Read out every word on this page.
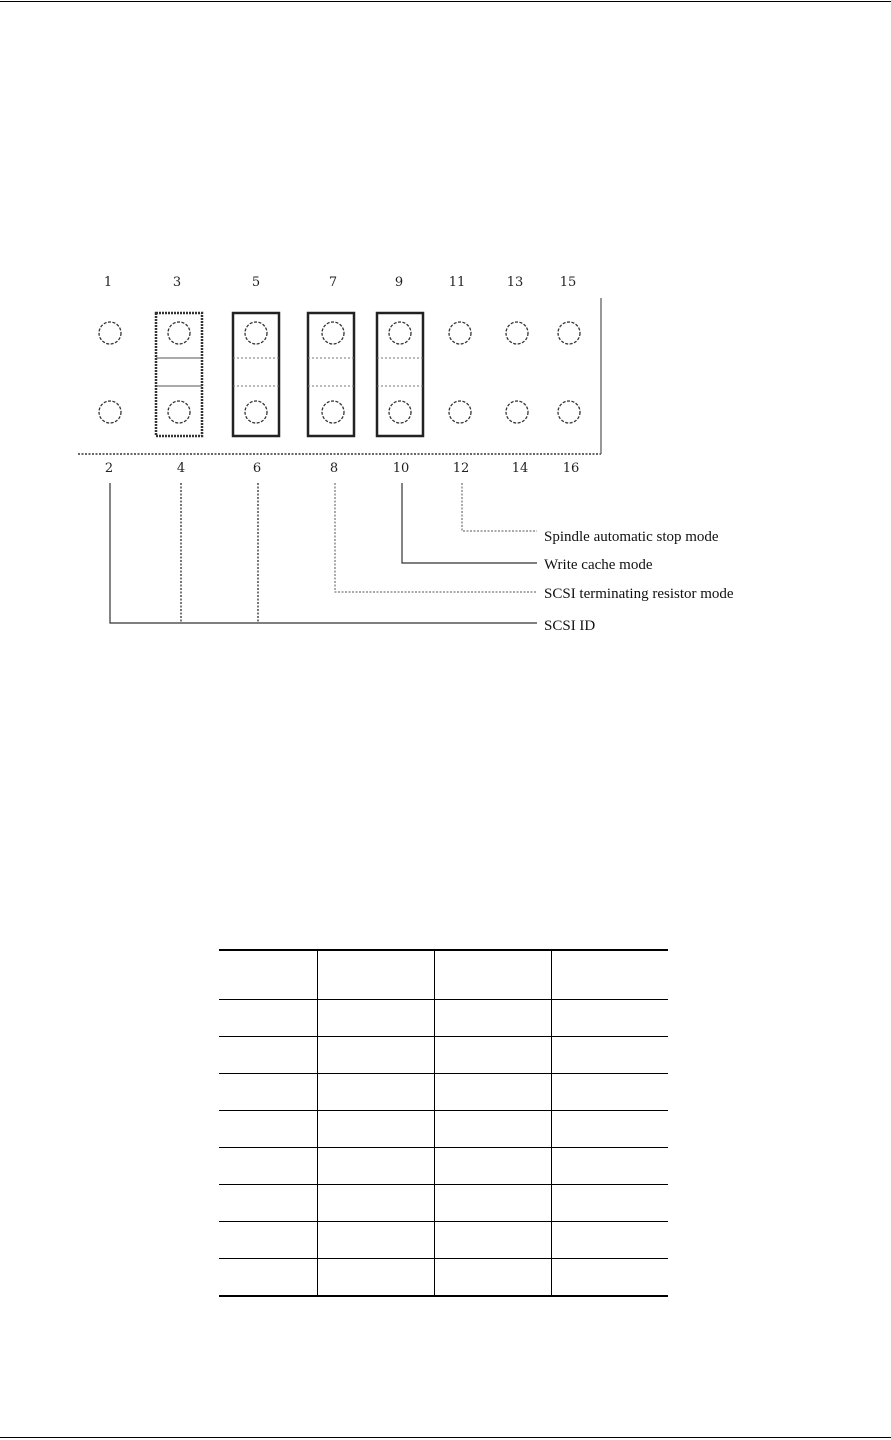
1	3	5	7	9	11	13	15
2	4	6	8	10	12	14	16
Spindle automatic stop mode
Write cache mode
SCSI terminating resistor mode
SCSI ID
